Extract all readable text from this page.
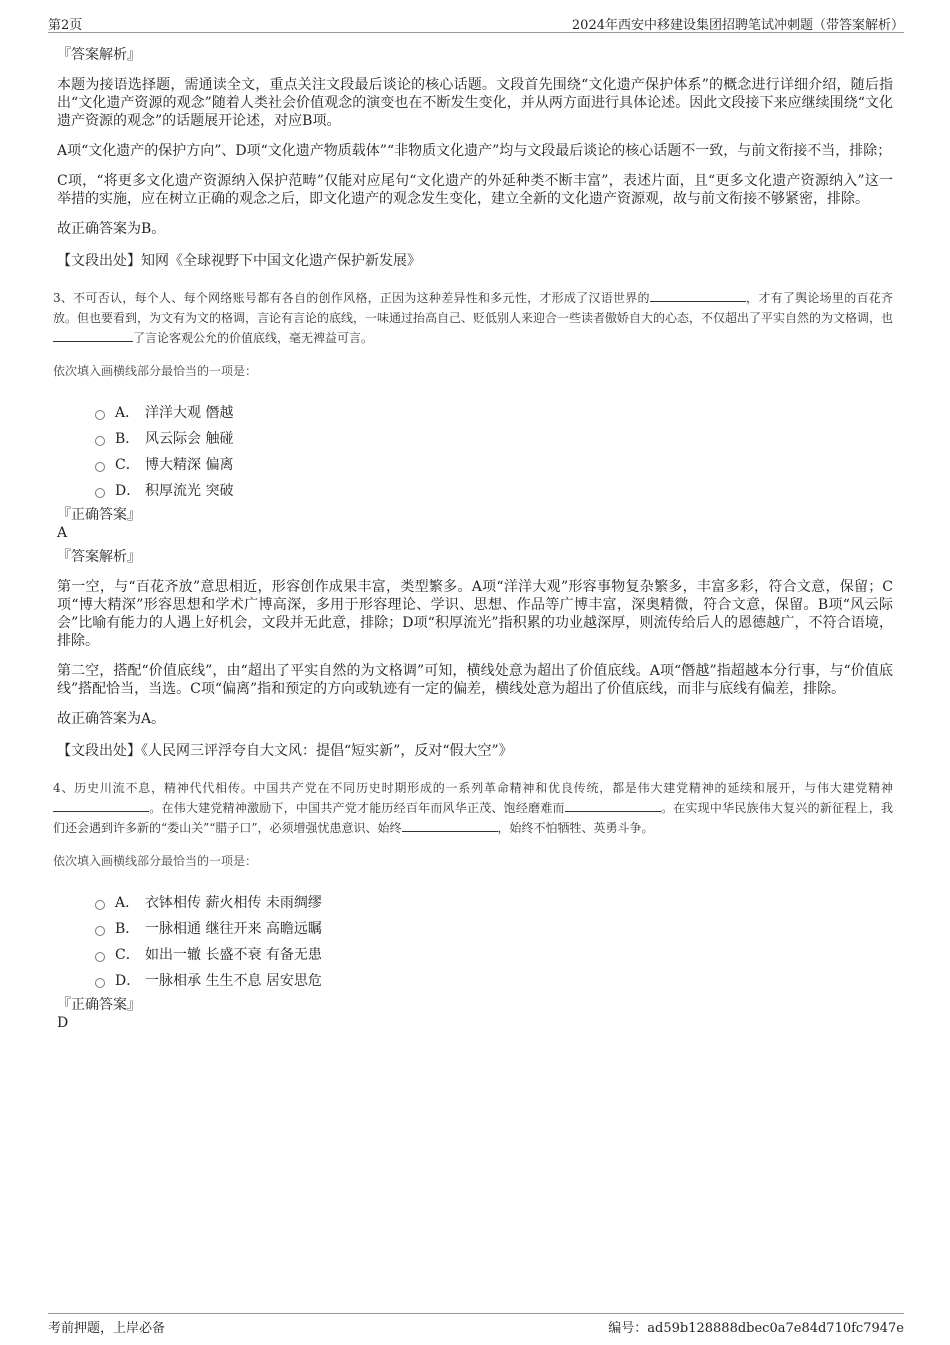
第2页	2024年西安中移建设集团招聘笔试冲刺题（带答案解析）

『答案解析』

本题为接语选择题，需通读全文，重点关注文段最后谈论的核心话题。文段首先围绕“文化遗产保护体系”的概念进行详细介绍，随后指出“文化遗产资源的观念”随着人类社会价值观念的演变也在不断发生变化，并从两方面进行具体论述。因此文段接下来应继续围绕“文化遗产资源的观念”的话题展开论述，对应B项。

A项“文化遗产的保护方向”、D项“文化遗产物质载体”“非物质文化遗产”均与文段最后谈论的核心话题不一致，与前文衔接不当，排除；

C项，“将更多文化遗产资源纳入保护范畴”仅能对应尾句“文化遗产的外延种类不断丰富”，表述片面，且“更多文化遗产资源纳入”这一举措的实施，应在树立正确的观念之后，即文化遗产的观念发生变化，建立全新的文化遗产资源观，故与前文衔接不够紧密，排除。

故正确答案为B。

【文段出处】知网《全球视野下中国文化遗产保护新发展》

3、不可否认，每个人、每个网络账号都有各自的创作风格，正因为这种差异性和多元性，才形成了汉语世界的	，才有了舆论场里的百花齐放。但也要看到，为文有为文的格调，言论有言论的底线，一味通过抬高自己、贬低别人来迎合一些读者傲娇自大的心态，不仅超出了平实自然的为文格调，也了言论客观公允的价值底线，毫无裨益可言。

依次填入画横线部分最恰当的一项是：

A． 洋洋大观 僭越
B． 风云际会 触碰
C． 博大精深 偏离
D． 积厚流光 突破

『正确答案』

A

『答案解析』

第一空，与“百花齐放”意思相近，形容创作成果丰富，类型繁多。A项“洋洋大观”形容事物复杂繁多，丰富多彩，符合文意，保留；C项“博大精深”形容思想和学术广博高深，多用于形容理论、学识、思想、作品等广博丰富，深奥精微，符合文意，保留。B项“风云际会”比喻有能力的人遇上好机会，文段并无此意，排除；D项“积厚流光”指积累的功业越深厚，则流传给后人的恩德越广，不符合语境，排除。

第二空，搭配“价值底线”，由“超出了平实自然的为文格调”可知，横线处意为超出了价值底线。A项“僭越”指超越本分行事，与“价值底线”搭配恰当，当选。C项“偏离”指和预定的方向或轨迹有一定的偏差，横线处意为超出了价值底线，而非与底线有偏差，排除。

故正确答案为A。

【文段出处】《人民网三评浮夸自大文风：提倡“短实新”，反对“假大空”》

4、历史川流不息，精神代代相传。中国共产党在不同历史时期形成的一系列革命精神和优良传统，都是伟大建党精神的延续和展开，与伟大建党精神。在伟大建党精神激励下，中国共产党才能历经百年而风华正茂、饱经磨难而	。在实现中华民族伟大复兴的新征程上，我们还会遇到许多新的“娄山关”“腊子口”，必须增强忧患意识、始终	，始终不怕牺牲、英勇斗争。

依次填入画横线部分最恰当的一项是：

A． 衣钵相传 薪火相传 未雨绸缪
B． 一脉相通 继往开来 高瞻远瞩
C． 如出一辙 长盛不衰 有备无患
D． 一脉相承 生生不息 居安思危

『正确答案』

D

考前押题，上岸必备	编号：ad59b128888dbec0a7e84d710fc7947e
